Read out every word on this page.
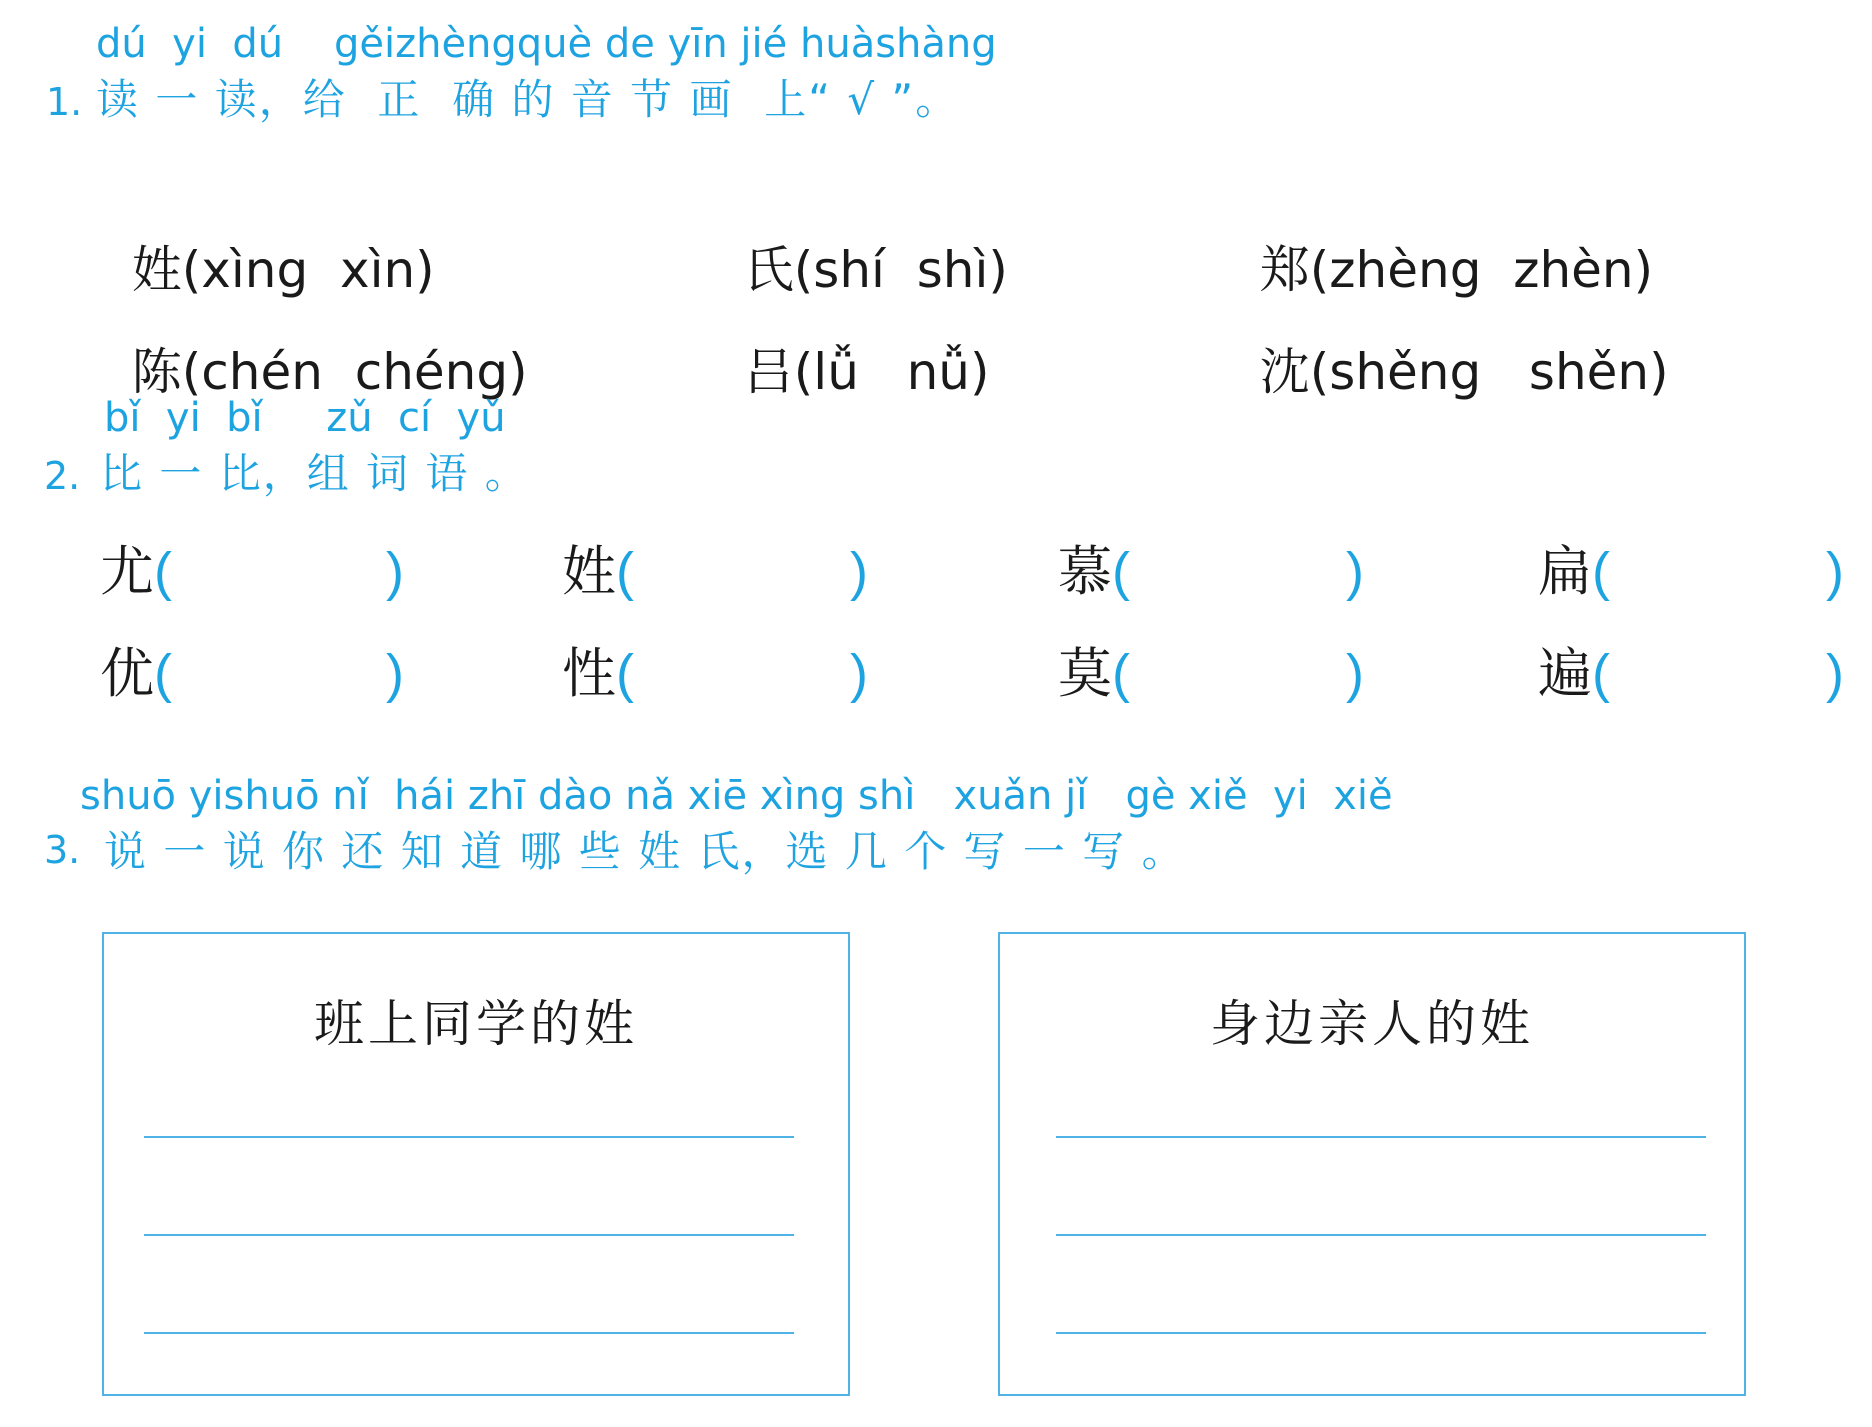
dú  yi  dú    gěizhèngquè de yīn jié huàshàng
1. 读 一 读，给  正  确 的 音 节 画  上“ √ ”。

姓(xìng  xìn)	氏(shí  shì)	郑(zhèng  zhèn)

陈(chén  chéng)	吕(lǚ   nǚ)	沈(shěng   shěn)

bǐ  yi  bǐ     zǔ  cí  yǔ
2. 比 一 比，组 词 语 。
尤(	)	姓(	)	慕(	)	扁(	)
优(	)	性(	)	莫(	)	遍(	)
shuō yishuō nǐ  hái zhī dào nǎ xiē xìng shì   xuǎn jǐ   gè xiě  yi  xiě
3. 说 一 说 你 还 知 道 哪 些 姓 氏，选 几 个 写 一 写 。
班上同学的姓	身边亲人的姓
